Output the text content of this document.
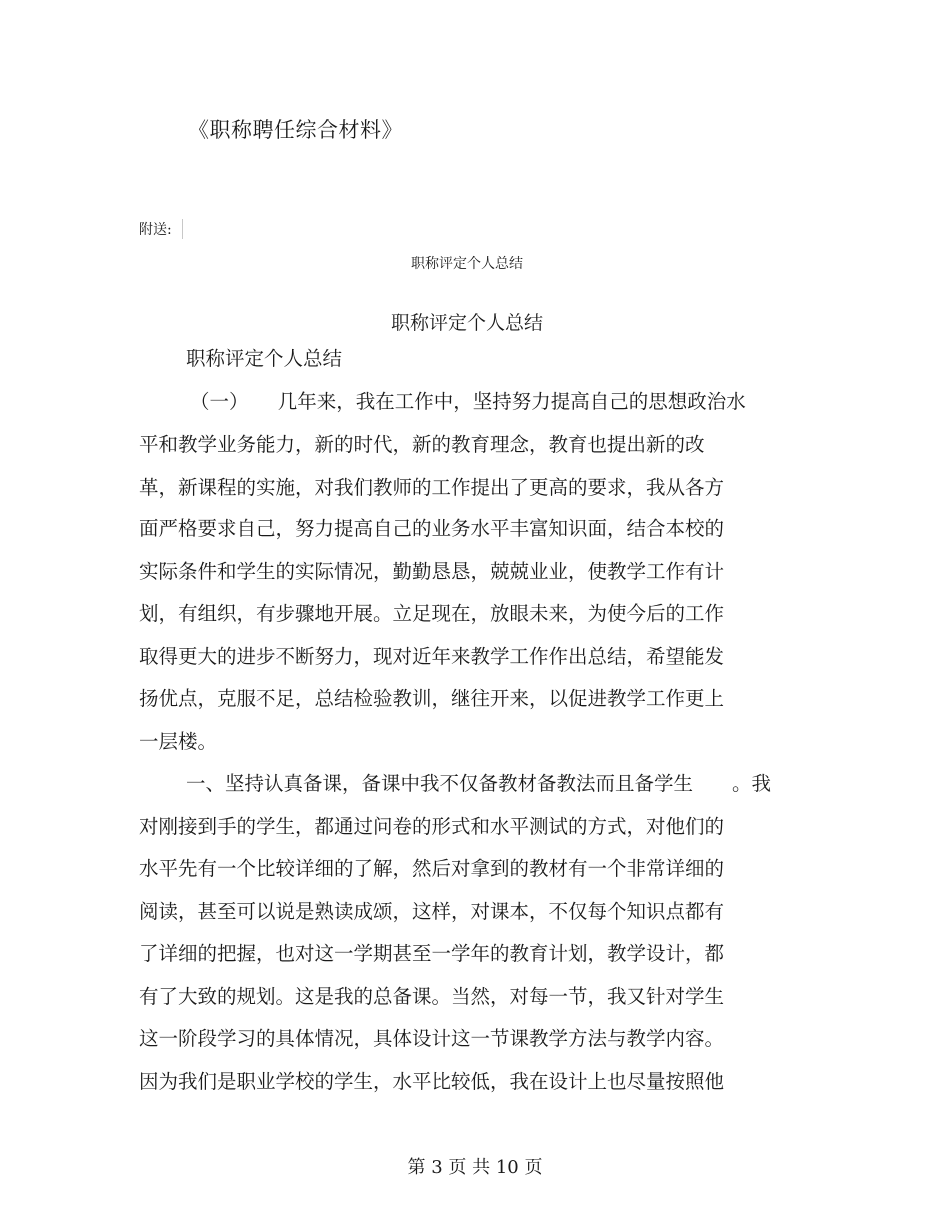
《职称聘任综合材料》
附送:
职称评定个人总结
职称评定个人总结
职称评定个人总结
（一）　　几年来，我在工作中，坚持努力提高自己的思想政治水
平和教学业务能力，新的时代，新的教育理念，教育也提出新的改
革，新课程的实施，对我们教师的工作提出了更高的要求，我从各方
面严格要求自己，努力提高自己的业务水平丰富知识面，结合本校的
实际条件和学生的实际情况，勤勤恳恳，兢兢业业，使教学工作有计
划，有组织，有步骤地开展。立足现在，放眼未来，为使今后的工作
取得更大的进步不断努力，现对近年来教学工作作出总结，希望能发
扬优点，克服不足，总结检验教训，继往开来，以促进教学工作更上
一层楼。
一、坚持认真备课，备课中我不仅备教材备教法而且备学生　　。我
对刚接到手的学生，都通过问卷的形式和水平测试的方式，对他们的
水平先有一个比较详细的了解，然后对拿到的教材有一个非常详细的
阅读，甚至可以说是熟读成颂，这样，对课本，不仅每个知识点都有
了详细的把握，也对这一学期甚至一学年的教育计划，教学设计，都
有了大致的规划。这是我的总备课。当然，对每一节，我又针对学生
这一阶段学习的具体情况，具体设计这一节课教学方法与教学内容。
因为我们是职业学校的学生，水平比较低，我在设计上也尽量按照他
第 3 页 共 10 页
